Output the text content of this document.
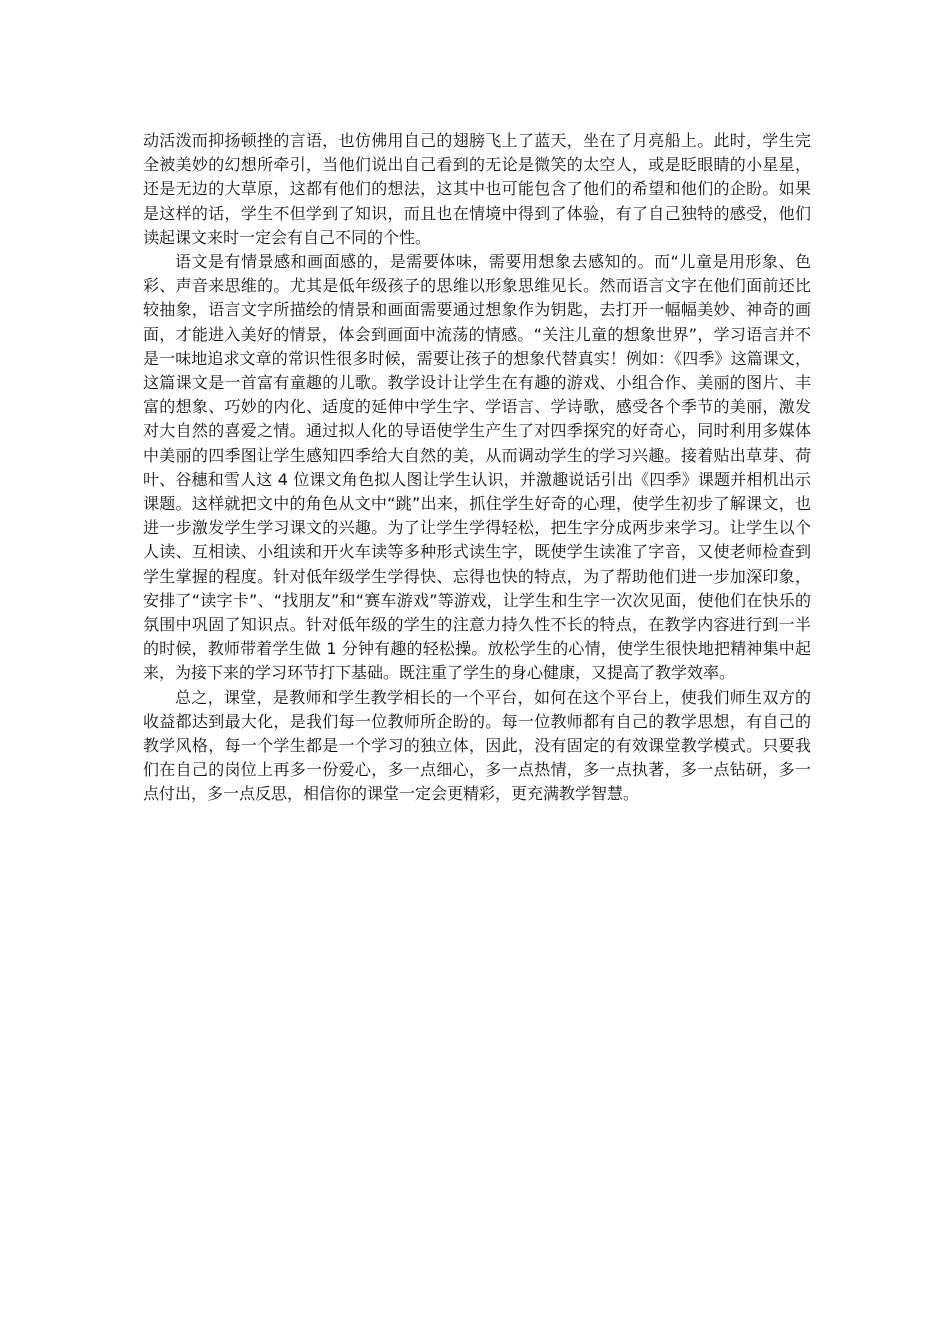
动活泼而抑扬顿挫的言语，也仿佛用自己的翅膀飞上了蓝天，坐在了月亮船上。此时，学生完全被美妙的幻想所牵引，当他们说出自己看到的无论是微笑的太空人，或是眨眼睛的小星星，还是无边的大草原，这都有他们的想法，这其中也可能包含了他们的希望和他们的企盼。如果是这样的话，学生不但学到了知识，而且也在情境中得到了体验，有了自己独特的感受，他们读起课文来时一定会有自己不同的个性。

语文是有情景感和画面感的，是需要体味，需要用想象去感知的。而“儿童是用形象、色彩、声音来思维的。尤其是低年级孩子的思维以形象思维见长。然而语言文字在他们面前还比较抽象，语言文字所描绘的情景和画面需要通过想象作为钥匙，去打开一幅幅美妙、神奇的画面，才能进入美好的情景，体会到画面中流荡的情感。“关注儿童的想象世界”，学习语言并不是一味地追求文章的常识性很多时候，需要让孩子的想象代替真实！例如：《四季》这篇课文，这篇课文是一首富有童趣的儿歌。教学设计让学生在有趣的游戏、小组合作、美丽的图片、丰富的想象、巧妙的内化、适度的延伸中学生字、学语言、学诗歌，感受各个季节的美丽，激发对大自然的喜爱之情。通过拟人化的导语使学生产生了对四季探究的好奇心，同时利用多媒体中美丽的四季图让学生感知四季给大自然的美，从而调动学生的学习兴趣。接着贴出草芽、荷叶、谷穗和雪人这 4 位课文角色拟人图让学生认识，并激趣说话引出《四季》课题并相机出示课题。这样就把文中的角色从文中“跳”出来，抓住学生好奇的心理，使学生初步了解课文，也进一步激发学生学习课文的兴趣。为了让学生学得轻松，把生字分成两步来学习。让学生以个人读、互相读、小组读和开火车读等多种形式读生字，既使学生读准了字音，又使老师检查到学生掌握的程度。针对低年级学生学得快、忘得也快的特点，为了帮助他们进一步加深印象，安排了“读字卡”、“找朋友”和“赛车游戏”等游戏，让学生和生字一次次见面，使他们在快乐的氛围中巩固了知识点。针对低年级的学生的注意力持久性不长的特点，在教学内容进行到一半的时候，教师带着学生做 1 分钟有趣的轻松操。放松学生的心情，使学生很快地把精神集中起来，为接下来的学习环节打下基础。既注重了学生的身心健康，又提高了教学效率。

总之，课堂，是教师和学生教学相长的一个平台，如何在这个平台上，使我们师生双方的收益都达到最大化，是我们每一位教师所企盼的。每一位教师都有自己的教学思想，有自己的教学风格，每一个学生都是一个学习的独立体，因此，没有固定的有效课堂教学模式。只要我们在自己的岗位上再多一份爱心，多一点细心，多一点热情，多一点执著，多一点钻研，多一点付出，多一点反思，相信你的课堂一定会更精彩，更充满教学智慧。
